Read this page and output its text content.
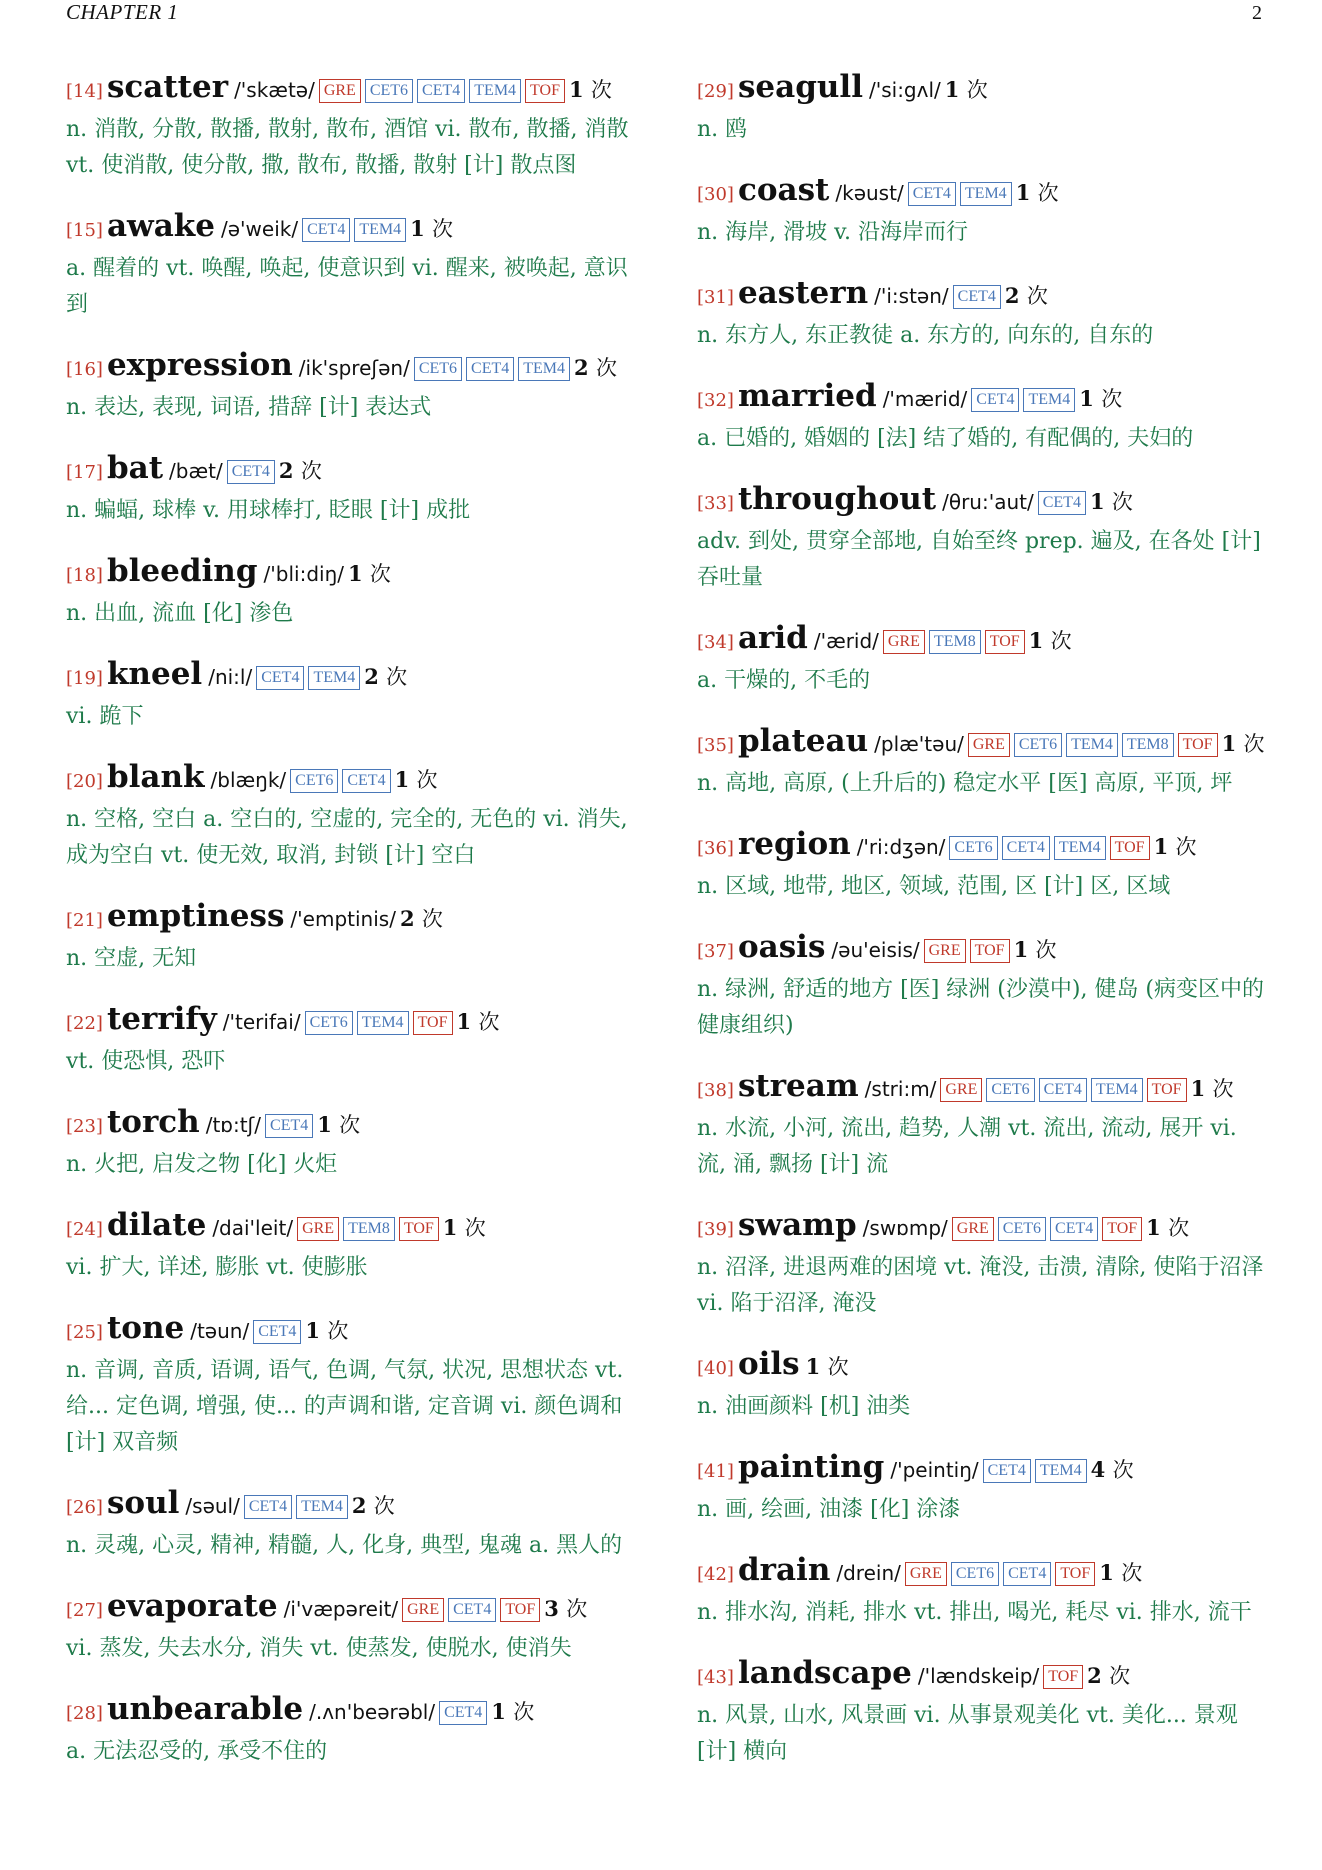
CHAPTER 1	2
[14] scatter /'skætə/ GRE CET6 CET4 TEM4 TOF 1 次
n. 消散, 分散, 散播, 散射, 散布, 酒馆 vi. 散布, 散播, 消散 vt. 使消散, 使分散, 撒, 散布, 散播, 散射 [计] 散点图
[15] awake /ə'weik/ CET4 TEM4 1 次
a. 醒着的 vt. 唤醒, 唤起, 使意识到 vi. 醒来, 被唤起, 意识到
[16] expression /ik'spreʃən/ CET6 CET4 TEM4 2 次
n. 表达, 表现, 词语, 措辞 [计] 表达式
[17] bat /bæt/ CET4 2 次
n. 蝙蝠, 球棒 v. 用球棒打, 眨眼 [计] 成批
[18] bleeding /'bli:diŋ/ 1 次
n. 出血, 流血 [化] 渗色
[19] kneel /ni:l/ CET4 TEM4 2 次
vi. 跪下
[20] blank /blæŋk/ CET6 CET4 1 次
n. 空格, 空白 a. 空白的, 空虚的, 完全的, 无色的 vi. 消失, 成为空白 vt. 使无效, 取消, 封锁 [计] 空白
[21] emptiness /'emptinis/ 2 次
n. 空虚, 无知
[22] terrify /'terifai/ CET6 TEM4 TOF 1 次
vt. 使恐惧, 恐吓
[23] torch /tɒ:tʃ/ CET4 1 次
n. 火把, 启发之物 [化] 火炬
[24] dilate /dai'leit/ GRE TEM8 TOF 1 次
vi. 扩大, 详述, 膨胀 vt. 使膨胀
[25] tone /təun/ CET4 1 次
n. 音调, 音质, 语调, 语气, 色调, 气氛, 状况, 思想状态 vt. 给... 定色调, 增强, 使... 的声调和谐, 定音调 vi. 颜色调和 [计] 双音频
[26] soul /səul/ CET4 TEM4 2 次
n. 灵魂, 心灵, 精神, 精髓, 人, 化身, 典型, 鬼魂 a. 黑人的
[27] evaporate /i'væpəreit/ GRE CET4 TOF 3 次
vi. 蒸发, 失去水分, 消失 vt. 使蒸发, 使脱水, 使消失
[28] unbearable /.ʌn'beərəbl/ CET4 1 次
a. 无法忍受的, 承受不住的
[29] seagull /'si:gʌl/ 1 次
n. 鸥
[30] coast /kəust/ CET4 TEM4 1 次
n. 海岸, 滑坡 v. 沿海岸而行
[31] eastern /'i:stən/ CET4 2 次
n. 东方人, 东正教徒 a. 东方的, 向东的, 自东的
[32] married /'mærid/ CET4 TEM4 1 次
a. 已婚的, 婚姻的 [法] 结了婚的, 有配偶的, 夫妇的
[33] throughout /θru:'aut/ CET4 1 次
adv. 到处, 贯穿全部地, 自始至终 prep. 遍及, 在各处 [计] 吞吐量
[34] arid /'ærid/ GRE TEM8 TOF 1 次
a. 干燥的, 不毛的
[35] plateau /plæ'təu/ GRE CET6 TEM4 TEM8 TOF 1 次
n. 高地, 高原, (上升后的) 稳定水平 [医] 高原, 平顶, 坪
[36] region /'ri:dʒən/ CET6 CET4 TEM4 TOF 1 次
n. 区域, 地带, 地区, 领域, 范围, 区 [计] 区, 区域
[37] oasis /əu'eisis/ GRE TOF 1 次
n. 绿洲, 舒适的地方 [医] 绿洲 (沙漠中), 健岛 (病变区中的健康组织)
[38] stream /stri:m/ GRE CET6 CET4 TEM4 TOF 1 次
n. 水流, 小河, 流出, 趋势, 人潮 vt. 流出, 流动, 展开 vi. 流, 涌, 飘扬 [计] 流
[39] swamp /swɒmp/ GRE CET6 CET4 TOF 1 次
n. 沼泽, 进退两难的困境 vt. 淹没, 击溃, 清除, 使陷于沼泽 vi. 陷于沼泽, 淹没
[40] oils 1 次
n. 油画颜料 [机] 油类
[41] painting /'peintiŋ/ CET4 TEM4 4 次
n. 画, 绘画, 油漆 [化] 涂漆
[42] drain /drein/ GRE CET6 CET4 TOF 1 次
n. 排水沟, 消耗, 排水 vt. 排出, 喝光, 耗尽 vi. 排水, 流干
[43] landscape /'lændskeip/ TOF 2 次
n. 风景, 山水, 风景画 vi. 从事景观美化 vt. 美化... 景观 [计] 横向
